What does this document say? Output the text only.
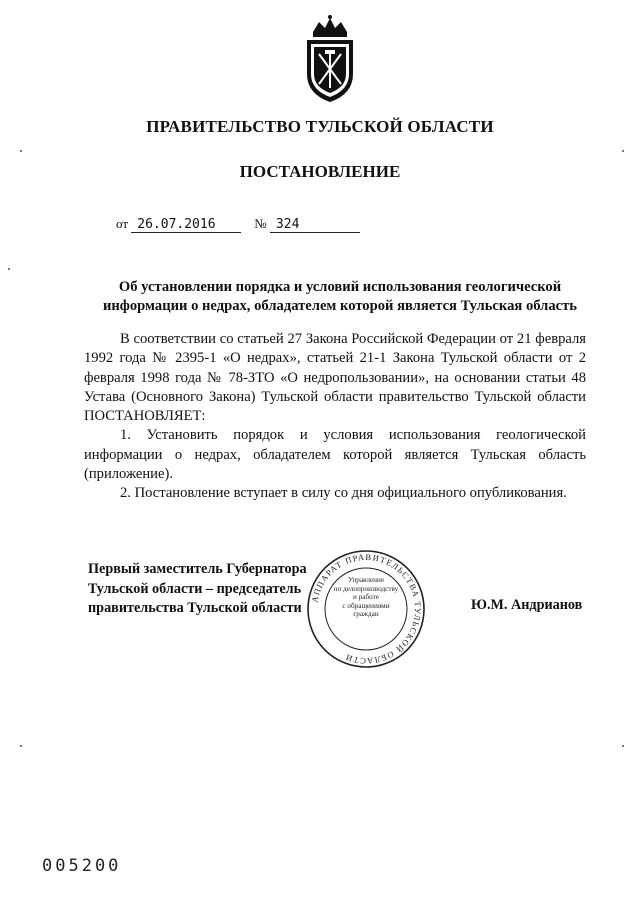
ПРАВИТЕЛЬСТВО ТУЛЬСКОЙ ОБЛАСТИ
ПОСТАНОВЛЕНИЕ
от 26.07.2016	№ 324
Об установлении порядка и условий использования геологической информации о недрах, обладателем которой является Тульская область

В соответствии со статьей 27 Закона Российской Федерации от 21 февраля 1992 года № 2395-1 «О недрах», статьей 21-1 Закона Тульской области от 2 февраля 1998 года № 78-ЗТО «О недропользовании», на основании статьи 48 Устава (Основного Закона) Тульской области правительство Тульской области ПОСТАНОВЛЯЕТ:

1. Установить порядок и условия использования геологической информации о недрах, обладателем которой является Тульская область (приложение).

2. Постановление вступает в силу со дня официального опубликования.

Первый заместитель Губернатора
Тульской области – председатель
правительства Тульской области	Ю.М. Андрианов
АППАРАТ ПРАВИТЕЛЬСТВА ТУЛЬСКОЙ ОБЛАСТИ
Управление
по делопроизводству
и работе
с обращениями
граждан
005200
